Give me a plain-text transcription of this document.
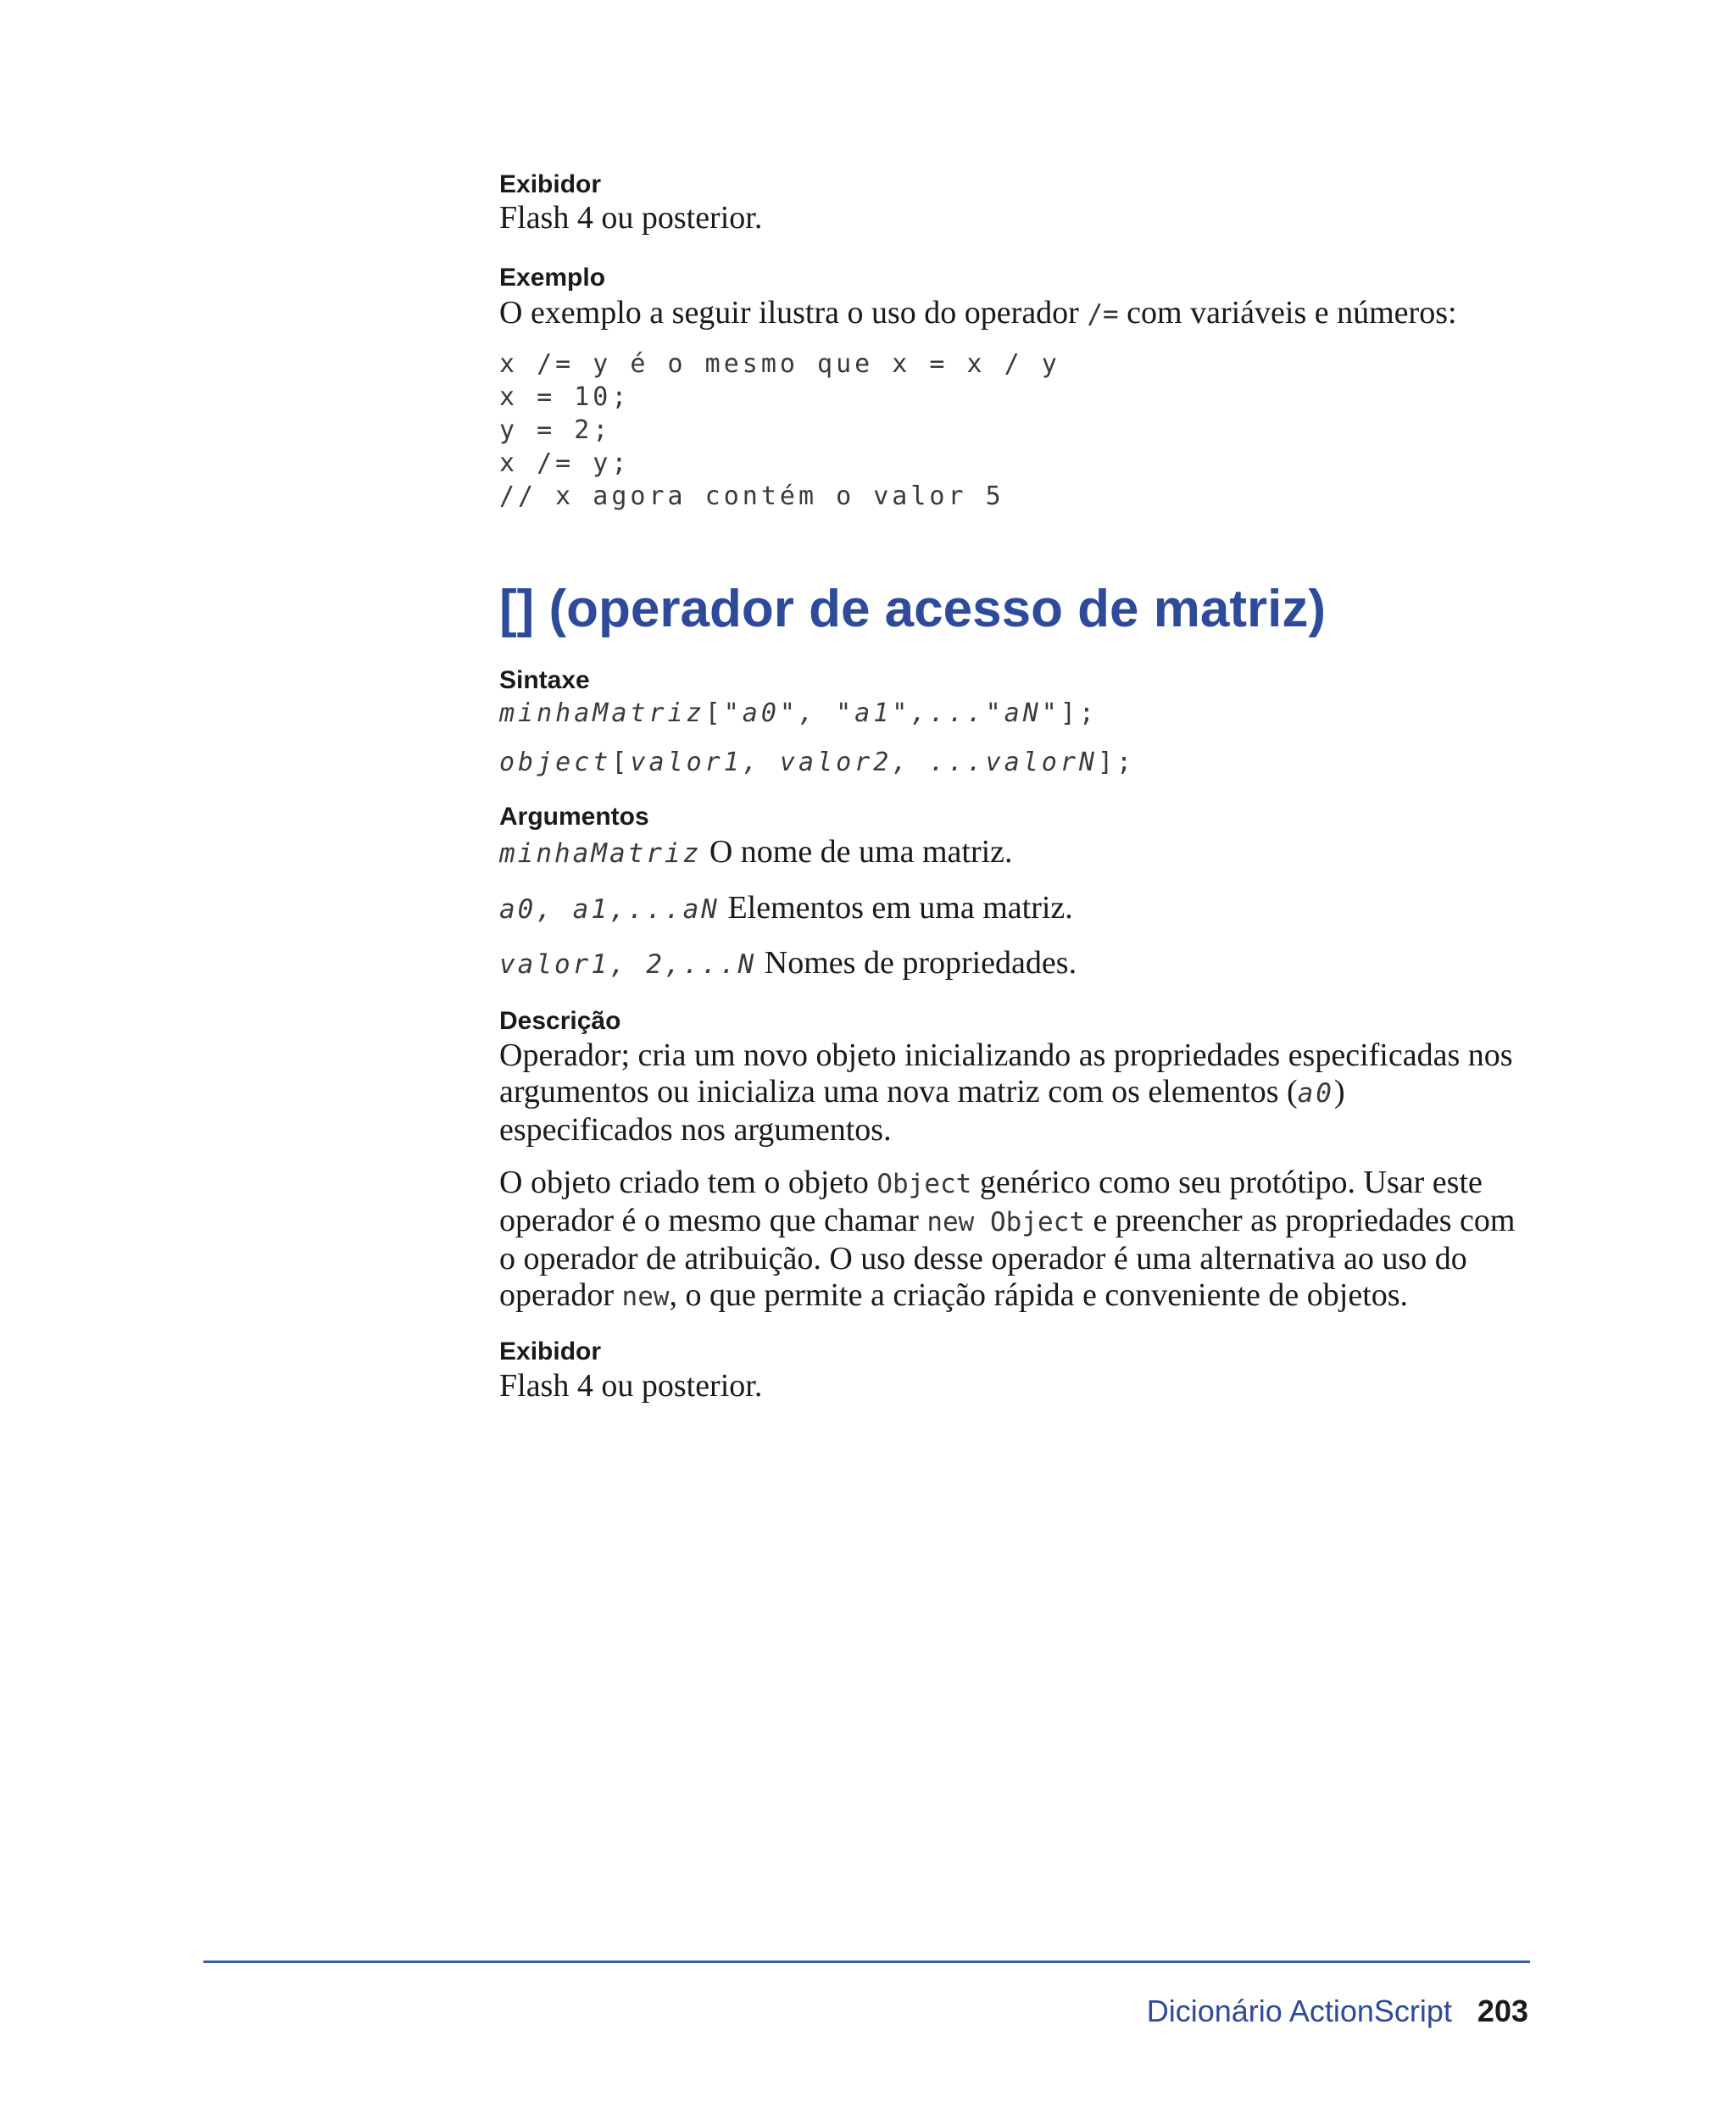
Exibidor

Flash 4 ou posterior.

Exemplo

O exemplo a seguir ilustra o uso do operador /= com variáveis e números:

x /= y é o mesmo que x = x / y

x = 10;

y = 2;

x /= y;

// x agora contém o valor 5

[] (operador de acesso de matriz)

Sintaxe

minhaMatriz["a0", "a1",..."aN"];

object[valor1, valor2, ...valorN];

Argumentos

minhaMatriz O nome de uma matriz.

a0, a1,...aN Elementos em uma matriz.

valor1, 2,...N Nomes de propriedades.

Descrição

Operador; cria um novo objeto inicializando as propriedades especificadas nos argumentos ou inicializa uma nova matriz com os elementos (a0) especificados nos argumentos.

O objeto criado tem o objeto Object genérico como seu protótipo. Usar este operador é o mesmo que chamar new Object e preencher as propriedades com o operador de atribuição. O uso desse operador é uma alternativa ao uso do operador new, o que permite a criação rápida e conveniente de objetos.

Exibidor

Flash 4 ou posterior.

Dicionário ActionScript 203
